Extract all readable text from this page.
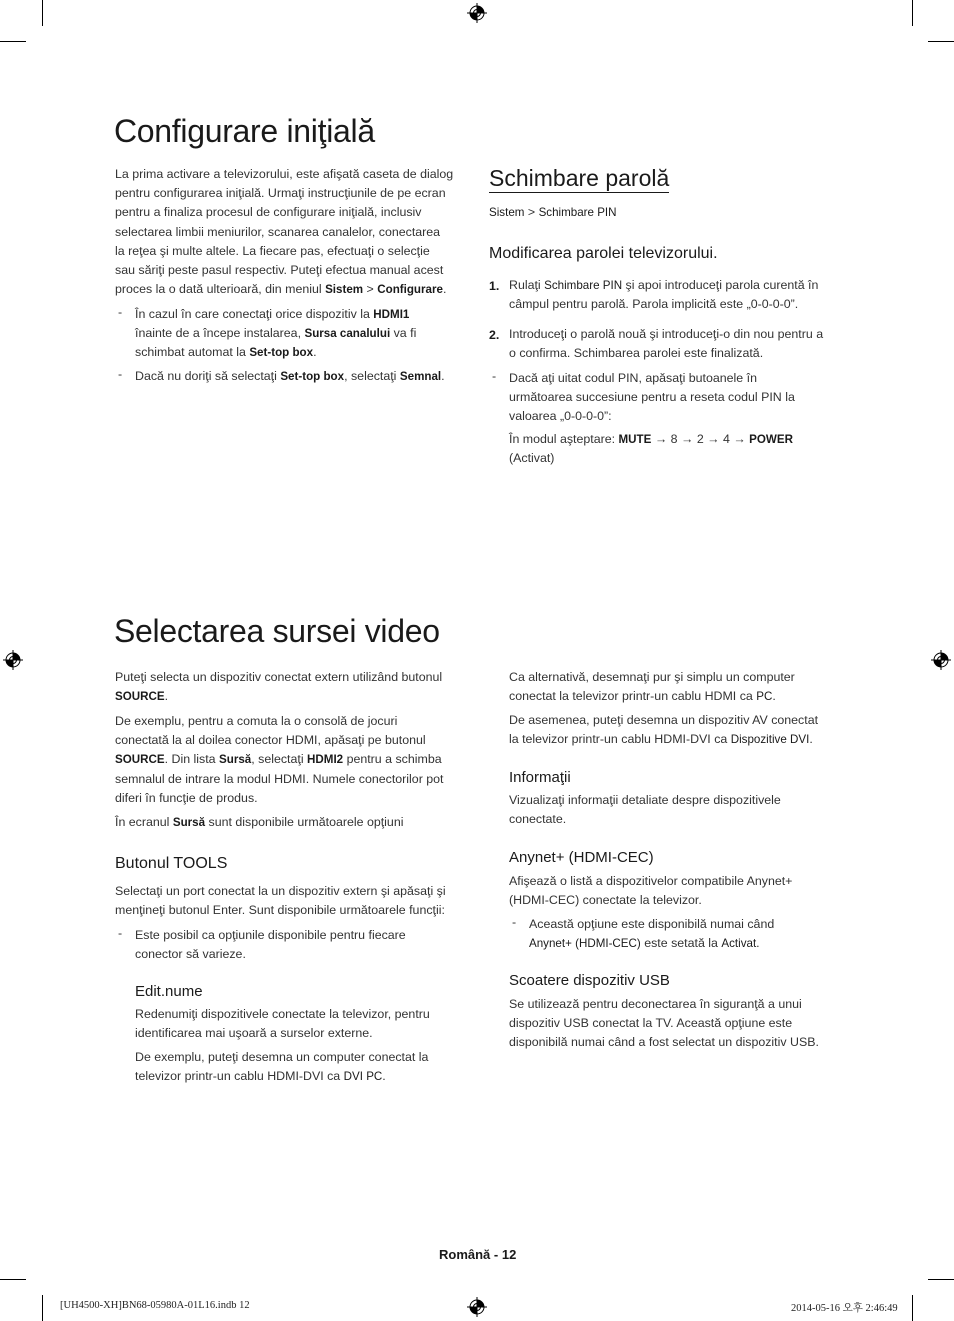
Configurare iniţială
La prima activare a televizorului, este afişată caseta de dialog
pentru configurarea iniţială. Urmaţi instrucţiunile de pe ecran
pentru a finaliza procesul de configurare iniţială, inclusiv
selectarea limbii meniurilor, scanarea canalelor, conectarea
la reţea şi multe altele. La fiecare pas, efectuaţi o selecţie
sau săriţi peste pasul respectiv. Puteţi efectua manual acest
proces la o dată ulterioară, din meniul Sistem > Configurare.
- În cazul în care conectaţi orice dispozitiv la HDMI1
înainte de a începe instalarea, Sursa canalului va fi
schimbat automat la Set-top box.
- Dacă nu doriţi să selectaţi Set-top box, selectaţi Semnal.
Schimbare parolă
Sistem > Schimbare PIN
Modificarea parolei televizorului.
1. Rulaţi Schimbare PIN şi apoi introduceţi parola curentă în
câmpul pentru parolă. Parola implicită este „0-0-0-0”.
2. Introduceţi o parolă nouă şi introduceţi-o din nou pentru a
o confirma. Schimbarea parolei este finalizată.
- Dacă aţi uitat codul PIN, apăsaţi butoanele în
următoarea succesiune pentru a reseta codul PIN la
valoarea „0-0-0-0”:
În modul aşteptare: MUTE → 8 → 2 → 4 → POWER
(Activat)
Selectarea sursei video
Puteţi selecta un dispozitiv conectat extern utilizând butonul
SOURCE.
De exemplu, pentru a comuta la o consolă de jocuri
conectată la al doilea conector HDMI, apăsaţi pe butonul
SOURCE. Din lista Sursă, selectaţi HDMI2 pentru a schimba
semnalul de intrare la modul HDMI. Numele conectorilor pot
diferi în funcţie de produs.
În ecranul Sursă sunt disponibile următoarele opţiuni
Butonul TOOLS
Selectaţi un port conectat la un dispozitiv extern şi apăsaţi şi
menţineţi butonul Enter. Sunt disponibile următoarele funcţii:
- Este posibil ca opţiunile disponibile pentru fiecare
conector să varieze.
Edit.nume
Redenumiţi dispozitivele conectate la televizor, pentru
identificarea mai uşoară a surselor externe.
De exemplu, puteţi desemna un computer conectat la
televizor printr-un cablu HDMI-DVI ca DVI PC.
Ca alternativă, desemnaţi pur şi simplu un computer
conectat la televizor printr-un cablu HDMI ca PC.
De asemenea, puteţi desemna un dispozitiv AV conectat
la televizor printr-un cablu HDMI-DVI ca Dispozitive DVI.
Informaţii
Vizualizaţi informaţii detaliate despre dispozitivele
conectate.
Anynet+ (HDMI-CEC)
Afişează o listă a dispozitivelor compatibile Anynet+
(HDMI-CEC) conectate la televizor.
- Această opţiune este disponibilă numai când
Anynet+ (HDMI-CEC) este setată la Activat.
Scoatere dispozitiv USB
Se utilizează pentru deconectarea în siguranţă a unui
dispozitiv USB conectat la TV. Această opţiune este
disponibilă numai când a fost selectat un dispozitiv USB.
Română - 12
[UH4500-XH]BN68-05980A-01L16.indb 12	2014-05-16 오후 2:46:49
